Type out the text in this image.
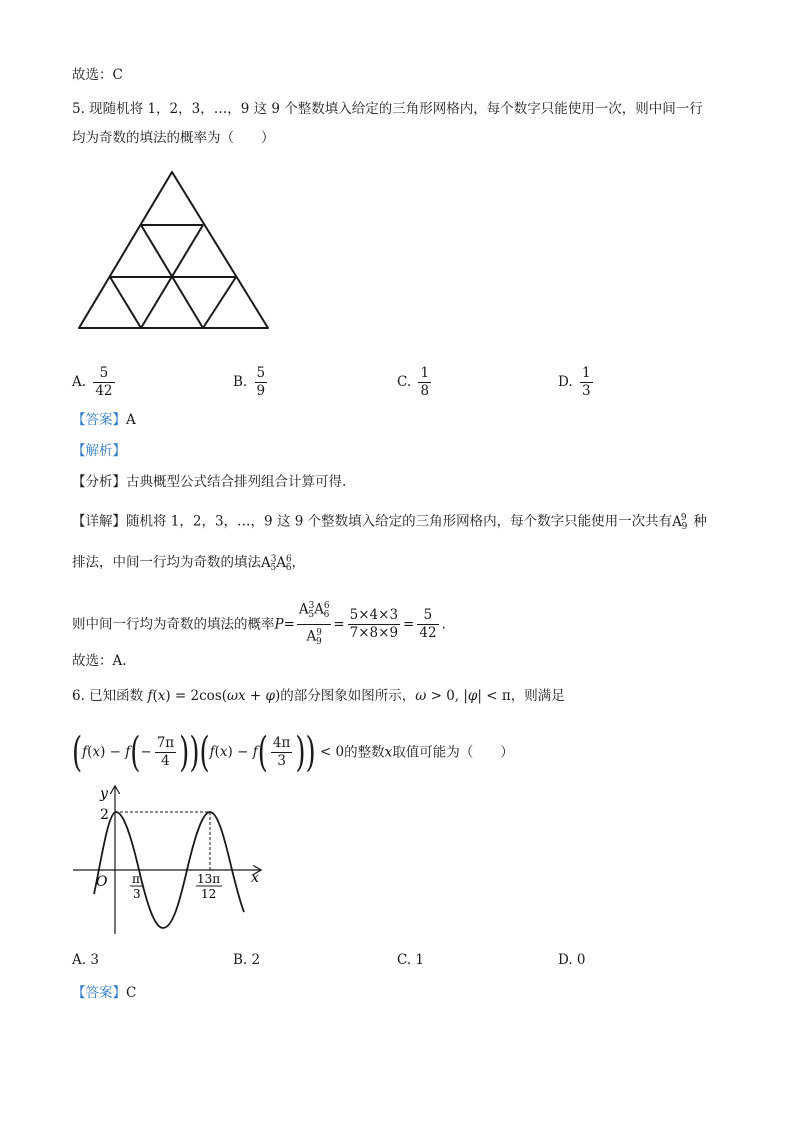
故选：C
5. 现随机将 1，2，3，…，9 这 9 个整数填入给定的三角形网格内，每个数字只能使用一次，则中间一行
均为奇数的填法的概率为（　　）
A. $\frac{5}{42}$	B. $\frac{5}{9}$	C. $\frac{1}{8}$	D. $\frac{1}{3}$
【答案】A
【解析】
【分析】古典概型公式结合排列组合计算可得.
【详解】随机将 1，2，3，…，9 这 9 个整数填入给定的三角形网格内，每个数字只能使用一次共有$A^9_9$ 种
排法，中间一行均为奇数的填法$A^3_5A^6_6$，
则中间一行均为奇数的填法的概率$P= \frac{A^3_5A^6_6}{A^9_9} = \frac{5\times 4\times 3}{7\times 8\times 9} = \frac{5}{42}$ .
故选：A.
6. 已知函数 f(x) = 2cos(ωx + φ)的部分图象如图所示，ω > 0, |φ| < π，则满足
$(f(x) - f(- \frac{7\pi}{4} ))(f(x) - f( \frac{4\pi}{3}$ )) < 0的整数x取值可能为（　　）
y
x
O
2
π
3
13π
12
A. 3	B. 2	C. 1	D. 0
【答案】C
